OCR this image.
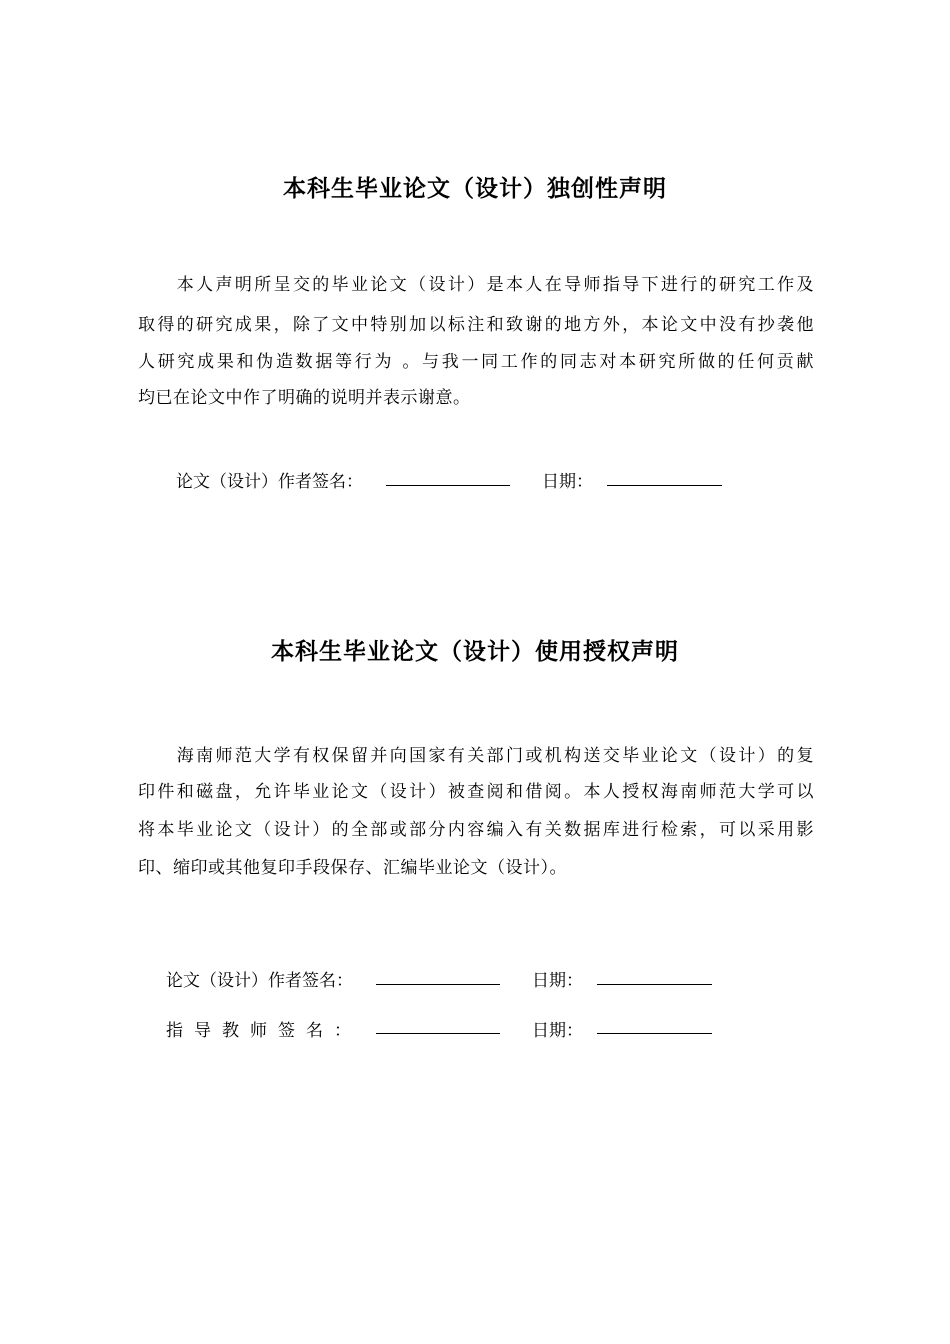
本科生毕业论文（设计）独创性声明
　　本人声明所呈交的毕业论文（设计）是本人在导师指导下进行的研究工作及
取得的研究成果，除了文中特别加以标注和致谢的地方外，本论文中没有抄袭他
人研究成果和伪造数据等行为 。与我一同工作的同志对本研究所做的任何贡献
均已在论文中作了明确的说明并表示谢意。
论文（设计）作者签名：	日期：
本科生毕业论文（设计）使用授权声明
　　海南师范大学有权保留并向国家有关部门或机构送交毕业论文（设计）的复
印件和磁盘，允许毕业论文（设计）被查阅和借阅。本人授权海南师范大学可以
将本毕业论文（设计）的全部或部分内容编入有关数据库进行检索，可以采用影
印、缩印或其他复印手段保存、汇编毕业论文（设计）。
论文（设计）作者签名：	日期：
指导教师签名：	日期：
